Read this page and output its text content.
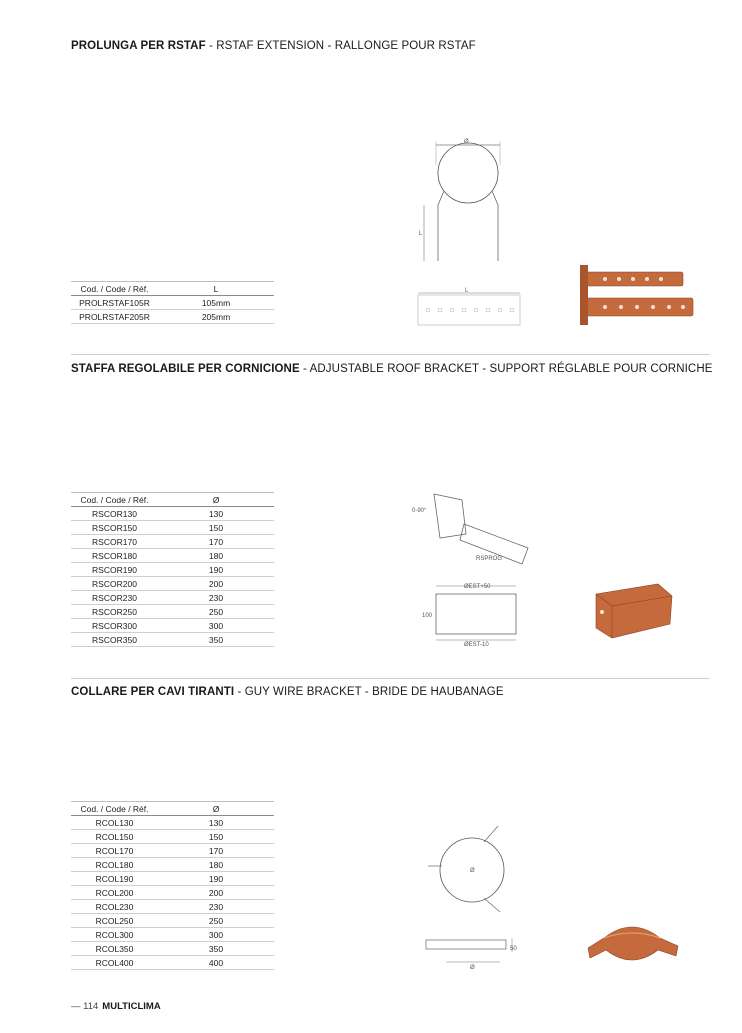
PROLUNGA PER RSTAF - RSTAF EXTENSION - RALLONGE POUR RSTAF
Cod. / Code / Réf.	L
PROLRSTAF105R	105mm
PROLRSTAF205R	205mm
Ø
L
L
STAFFA REGOLABILE PER CORNICIONE - ADJUSTABLE ROOF BRACKET - SUPPORT RÉGLABLE POUR CORNICHE
Cod. / Code / Réf.	Ø
RSCOR130	130
RSCOR150	150
RSCOR170	170
RSCOR180	180
RSCOR190	190
RSCOR200	200
RSCOR230	230
RSCOR250	250
RSCOR300	300
RSCOR350	350
0-90°
RSPROG
ØEST+50
100
ØEST-10
COLLARE PER CAVI TIRANTI - GUY WIRE BRACKET - BRIDE DE HAUBANAGE
Cod. / Code / Réf.	Ø
RCOL130	130
RCOL150	150
RCOL170	170
RCOL180	180
RCOL190	190
RCOL200	200
RCOL230	230
RCOL250	250
RCOL300	300
RCOL350	350
RCOL400	400
Ø
50
Ø
— 114 MULTICLIMA
